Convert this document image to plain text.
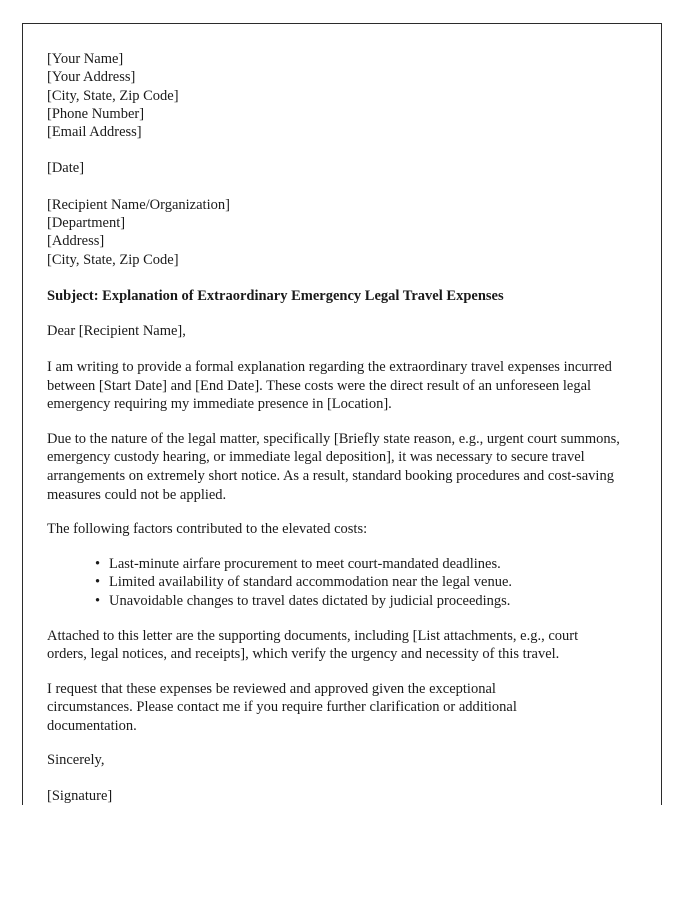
[Your Name]
[Your Address]
[City, State, Zip Code]
[Phone Number]
[Email Address]
[Date]
[Recipient Name/Organization]
[Department]
[Address]
[City, State, Zip Code]
Subject: Explanation of Extraordinary Emergency Legal Travel Expenses
Dear [Recipient Name],

I am writing to provide a formal explanation regarding the extraordinary travel expenses incurred between [Start Date] and [End Date]. These costs were the direct result of an unforeseen legal emergency requiring my immediate presence in [Location].

Due to the nature of the legal matter, specifically [Briefly state reason, e.g., urgent court summons, emergency custody hearing, or immediate legal deposition], it was necessary to secure travel arrangements on extremely short notice. As a result, standard booking procedures and cost-saving measures could not be applied.

The following factors contributed to the elevated costs:

• Last-minute airfare procurement to meet court-mandated deadlines.
• Limited availability of standard accommodation near the legal venue.
• Unavoidable changes to travel dates dictated by judicial proceedings.

Attached to this letter are the supporting documents, including [List attachments, e.g., court orders, legal notices, and receipts], which verify the urgency and necessity of this travel.

I request that these expenses be reviewed and approved given the exceptional circumstances. Please contact me if you require further clarification or additional documentation.

Sincerely,
[Signature]
